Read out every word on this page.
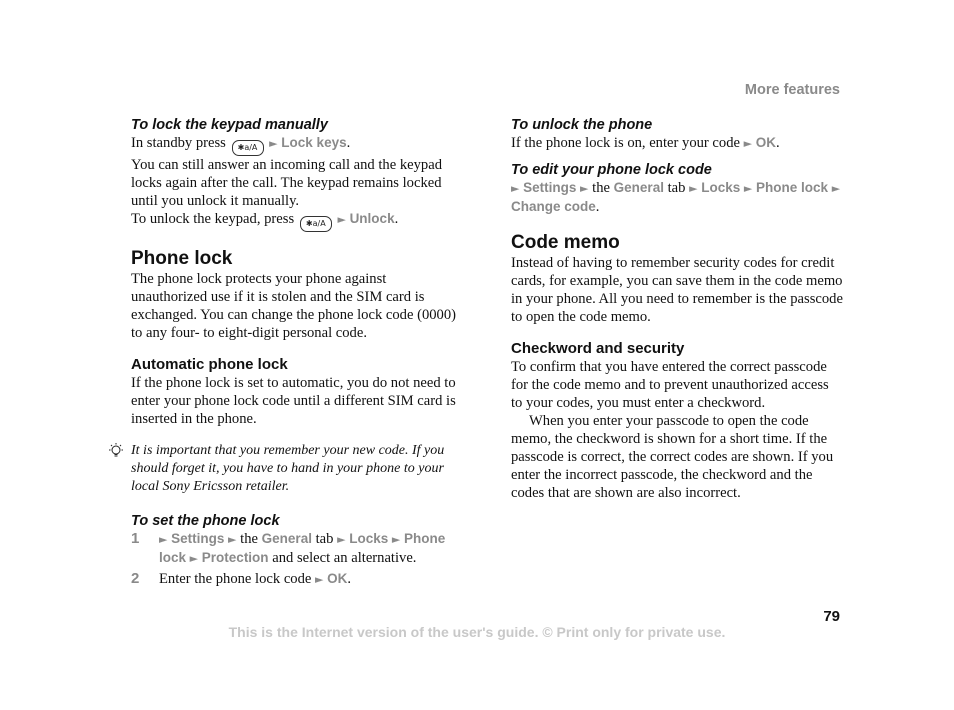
More features
To lock the keypad manually

In standby press ✱a/A ► Lock keys.

You can still answer an incoming call and the keypad locks again after the call. The keypad remains locked until you unlock it manually.

To unlock the keypad, press ✱a/A ► Unlock.

Phone lock

The phone lock protects your phone against unauthorized use if it is stolen and the SIM card is exchanged. You can change the phone lock code (0000) to any four- to eight-digit personal code.

Automatic phone lock

If the phone lock is set to automatic, you do not need to enter your phone lock code until a different SIM card is inserted in the phone.

It is important that you remember your new code. If you should forget it, you have to hand in your phone to your local Sony Ericsson retailer.

To set the phone lock
1 ► Settings ► the General tab ► Locks ► Phone lock ► Protection and select an alternative.
2 Enter the phone lock code ► OK.
To unlock the phone

If the phone lock is on, enter your code ► OK.

To edit your phone lock code

► Settings ► the General tab ► Locks ► Phone lock ► Change code.

Code memo

Instead of having to remember security codes for credit cards, for example, you can save them in the code memo in your phone. All you need to remember is the passcode to open the code memo.

Checkword and security

To confirm that you have entered the correct passcode for the code memo and to prevent unauthorized access to your codes, you must enter a checkword.

When you enter your passcode to open the code memo, the checkword is shown for a short time. If the passcode is correct, the correct codes are shown. If you enter the incorrect passcode, the checkword and the codes that are shown are also incorrect.

79
This is the Internet version of the user's guide. © Print only for private use.
